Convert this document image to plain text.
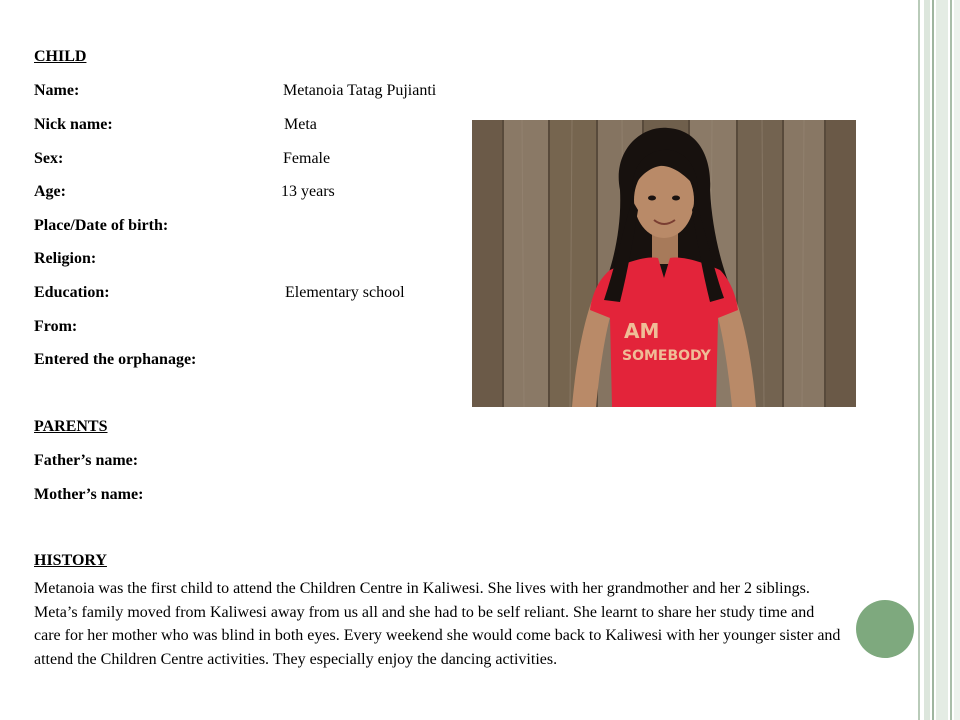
CHILD
Name:	Metanoia Tatag Pujianti
Nick name:	Meta
Sex:	Female
Age:	13 years
Place/Date of birth:
Religion:
Education:	Elementary school
From:
Entered the orphanage:
PARENTS
Father’s name:
Mother’s name:
HISTORY
Metanoia was the first child to attend the Children Centre in Kaliwesi. She lives with her grandmother and her 2 siblings. Meta’s family moved from Kaliwesi away from us all and she had to be self reliant. She learnt to share her study time and care for her mother who was blind in both eyes. Every weekend she would come back to Kaliwesi with her younger sister and attend the Children Centre activities. They especially enjoy the dancing activities.
AM
SOMEBODY
